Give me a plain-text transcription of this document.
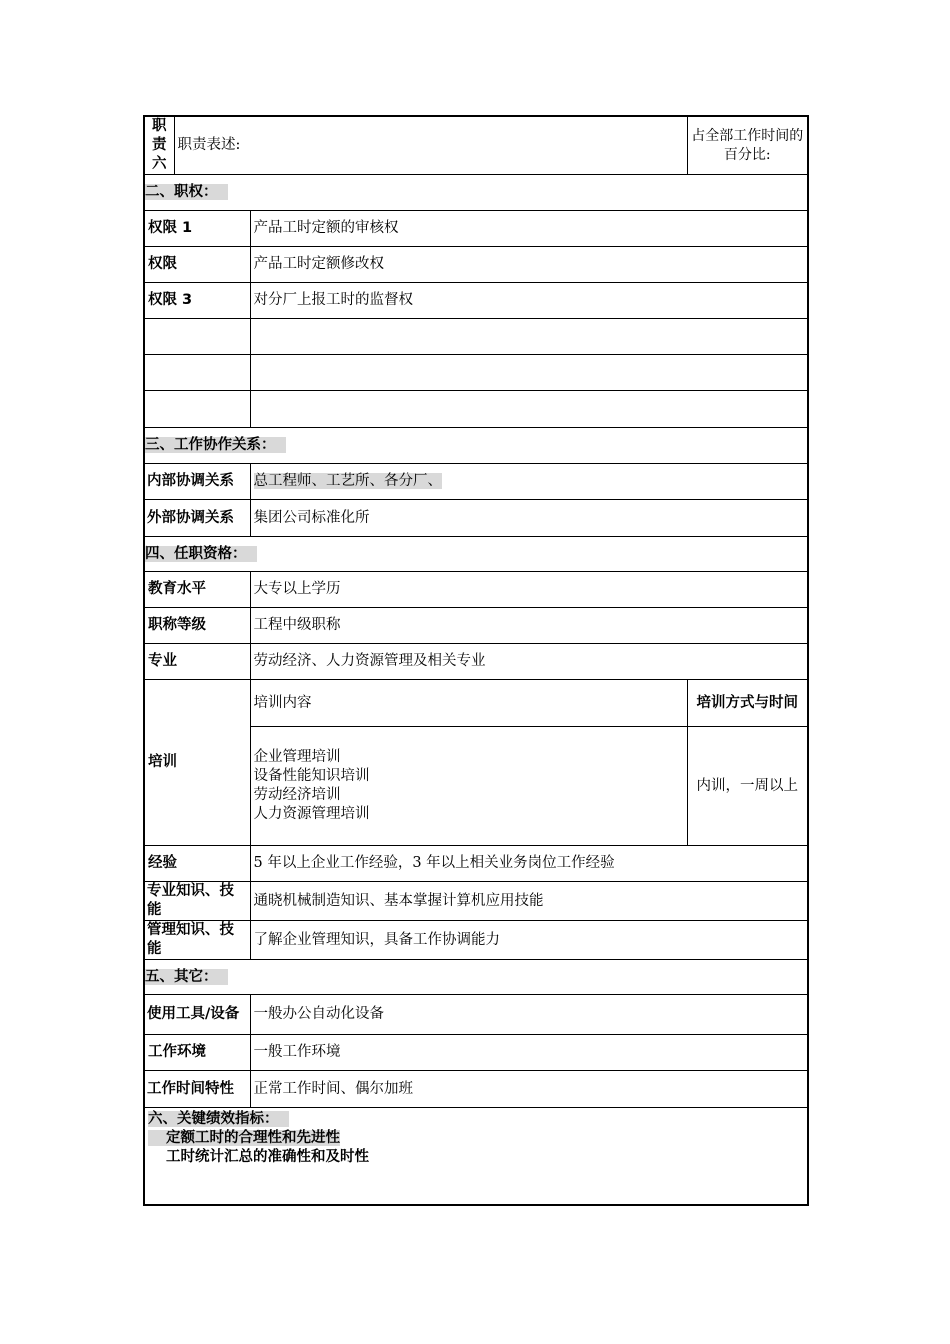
职
责
六	职责表述:		占全部工作时间的百分比:
二、职权：			
权限 1		产品工时定额的审核权	
权限		产品工时定额修改权	
权限 3		对分厂上报工时的监督权	

三、工作协作关系：			
内部协调关系		总工程师、工艺所、各分厂、	
外部协调关系		集团公司标准化所	
四、任职资格：			
教育水平		大专以上学历	
职称等级		工程中级职称	
专业		劳动经济、人力资源管理及相关专业	
培训		培训内容	培训方式与时间

		企业管理培训
设备性能知识培训
劳动经济培训
人力资源管理培训	内训，一周以上
经验		5 年以上企业工作经验，3 年以上相关业务岗位工作经验	
专业知识、技能		通晓机械制造知识、基本掌握计算机应用技能	
管理知识、技能		了解企业管理知识，具备工作协调能力	
五、其它：			
使用工具/设备		一般办公自动化设备	
工作环境		一般工作环境	
工作时间特性		正常工作时间、偶尔加班	

六、关键绩效指标：
定额工时的合理性和先进性
工时统计汇总的准确性和及时性			
